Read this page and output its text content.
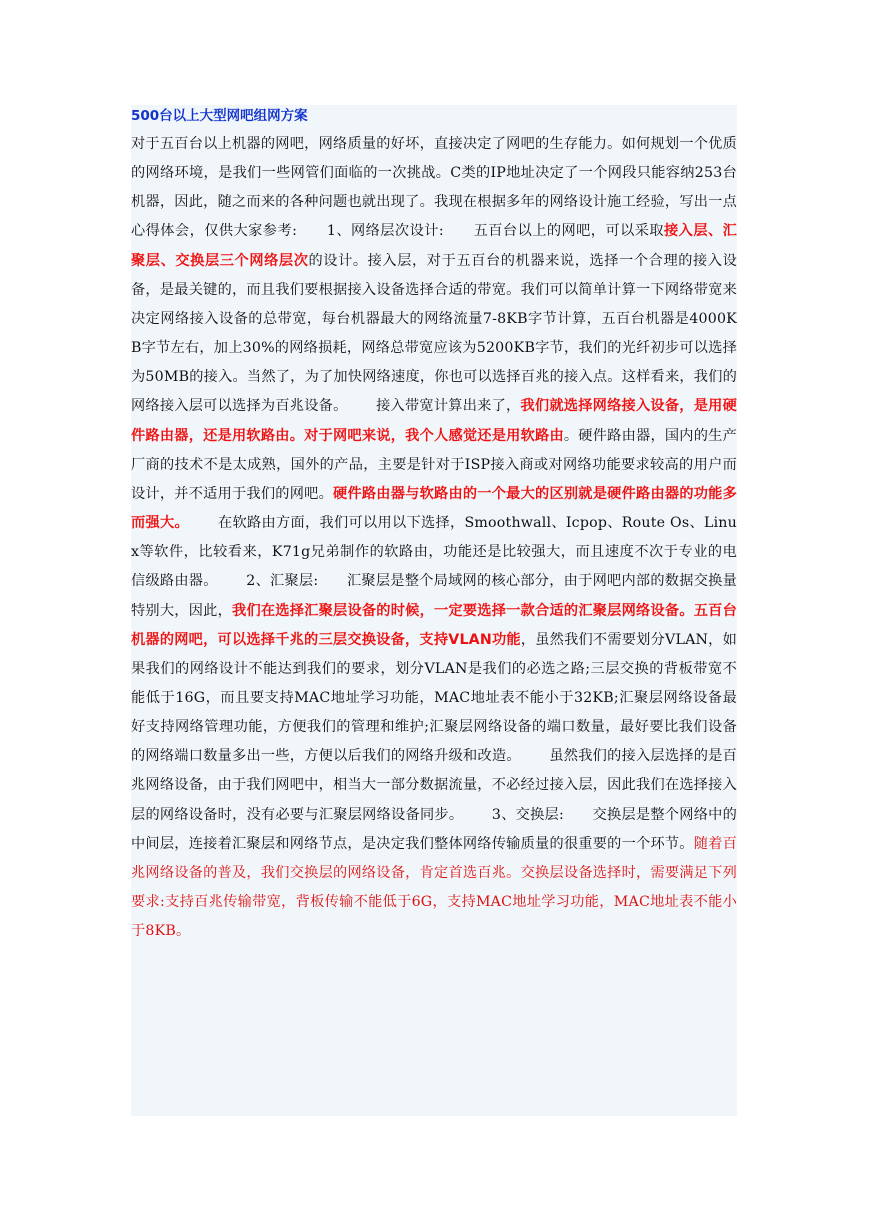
500台以上大型网吧组网方案
对于五百台以上机器的网吧，网络质量的好坏，直接决定了网吧的生存能力。如何规划一个优质的网络环境，是我们一些网管们面临的一次挑战。C类的IP地址决定了一个网段只能容纳253台机器，因此，随之而来的各种问题也就出现了。我现在根据多年的网络设计施工经验，写出一点心得体会，仅供大家参考:      1、网络层次设计:      五百台以上的网吧，可以采取接入层、汇聚层、交换层三个网络层次的设计。接入层，对于五百台的机器来说，选择一个合理的接入设备，是最关键的，而且我们要根据接入设备选择合适的带宽。我们可以简单计算一下网络带宽来决定网络接入设备的总带宽，每台机器最大的网络流量7-8KB字节计算，五百台机器是4000KB字节左右，加上30%的网络损耗，网络总带宽应该为5200KB字节，我们的光纤初步可以选择为50MB的接入。当然了，为了加快网络速度，你也可以选择百兆的接入点。这样看来，我们的网络接入层可以选择为百兆设备。      接入带宽计算出来了，我们就选择网络接入设备，是用硬件路由器，还是用软路由。对于网吧来说，我个人感觉还是用软路由。硬件路由器，国内的生产厂商的技术不是太成熟，国外的产品，主要是针对于ISP接入商或对网络功能要求较高的用户而设计，并不适用于我们的网吧。硬件路由器与软路由的一个最大的区别就是硬件路由器的功能多而强大。      在软路由方面，我们可以用以下选择，Smoothwall、Icpop、Route Os、Linux等软件，比较看来，K71g兄弟制作的软路由，功能还是比较强大，而且速度不次于专业的电信级路由器。      2、汇聚层:      汇聚层是整个局域网的核心部分，由于网吧内部的数据交换量特别大，因此，我们在选择汇聚层设备的时候，一定要选择一款合适的汇聚层网络设备。五百台机器的网吧，可以选择千兆的三层交换设备，支持VLAN功能，虽然我们不需要划分VLAN，如果我们的网络设计不能达到我们的要求，划分VLAN是我们的必选之路;三层交换的背板带宽不能低于16G，而且要支持MAC地址学习功能，MAC地址表不能小于32KB;汇聚层网络设备最好支持网络管理功能，方便我们的管理和维护;汇聚层网络设备的端口数量，最好要比我们设备的网络端口数量多出一些，方便以后我们的网络升级和改造。      虽然我们的接入层选择的是百兆网络设备，由于我们网吧中，相当大一部分数据流量，不必经过接入层，因此我们在选择接入层的网络设备时，没有必要与汇聚层网络设备同步。      3、交换层:      交换层是整个网络中的中间层，连接着汇聚层和网络节点，是决定我们整体网络传输质量的很重要的一个环节。随着百兆网络设备的普及，我们交换层的网络设备，肯定首选百兆。交换层设备选择时，需要满足下列要求:支持百兆传输带宽，背板传输不能低于6G，支持MAC地址学习功能，MAC地址表不能小于8KB。
